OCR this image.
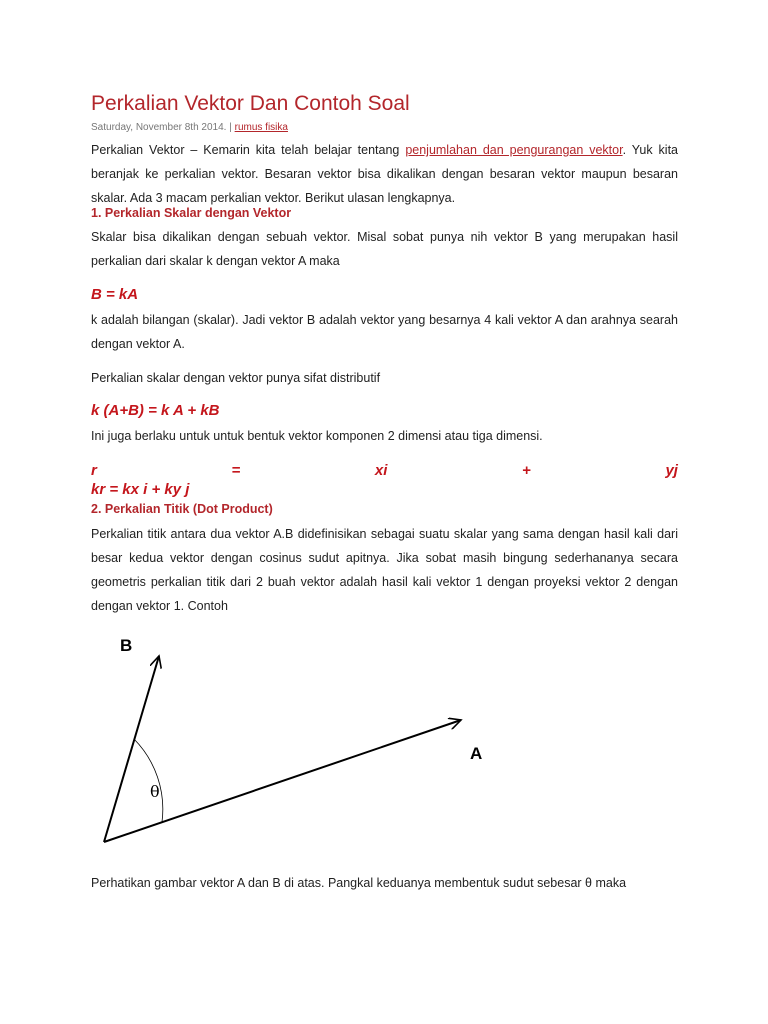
Perkalian Vektor Dan Contoh Soal
Saturday, November 8th 2014. | rumus fisika
Perkalian Vektor – Kemarin kita telah belajar tentang penjumlahan dan pengurangan vektor. Yuk kita beranjak ke perkalian vektor. Besaran vektor bisa dikalikan dengan besaran vektor maupun besaran skalar. Ada 3 macam perkalian vektor. Berikut ulasan lengkapnya.
1. Perkalian Skalar dengan Vektor
Skalar bisa dikalikan dengan sebuah vektor. Misal sobat punya nih vektor B yang merupakan hasil perkalian dari skalar k dengan vektor A maka
B = kA
k adalah bilangan (skalar). Jadi vektor B adalah vektor yang besarnya 4 kali vektor A dan arahnya searah dengan vektor A.
Perkalian skalar dengan vektor punya sifat distributif
k (A+B) = k A + kB
Ini juga berlaku untuk untuk bentuk vektor komponen 2 dimensi atau tiga dimensi.
r	=	xi	+	yj
kr = kx i + ky j
2. Perkalian Titik (Dot Product)
Perkalian titik antara dua vektor A.B didefinisikan sebagai suatu skalar yang sama dengan hasil kali dari besar kedua vektor dengan cosinus sudut apitnya. Jika sobat masih bingung sederhananya secara geometris perkalian titik dari 2 buah vektor adalah hasil kali vektor 1 dengan proyeksi vektor 2 dengan dengan vektor 1. Contoh
B
A
θ
Perhatikan gambar vektor A dan B di atas. Pangkal keduanya membentuk sudut sebesar θ maka
